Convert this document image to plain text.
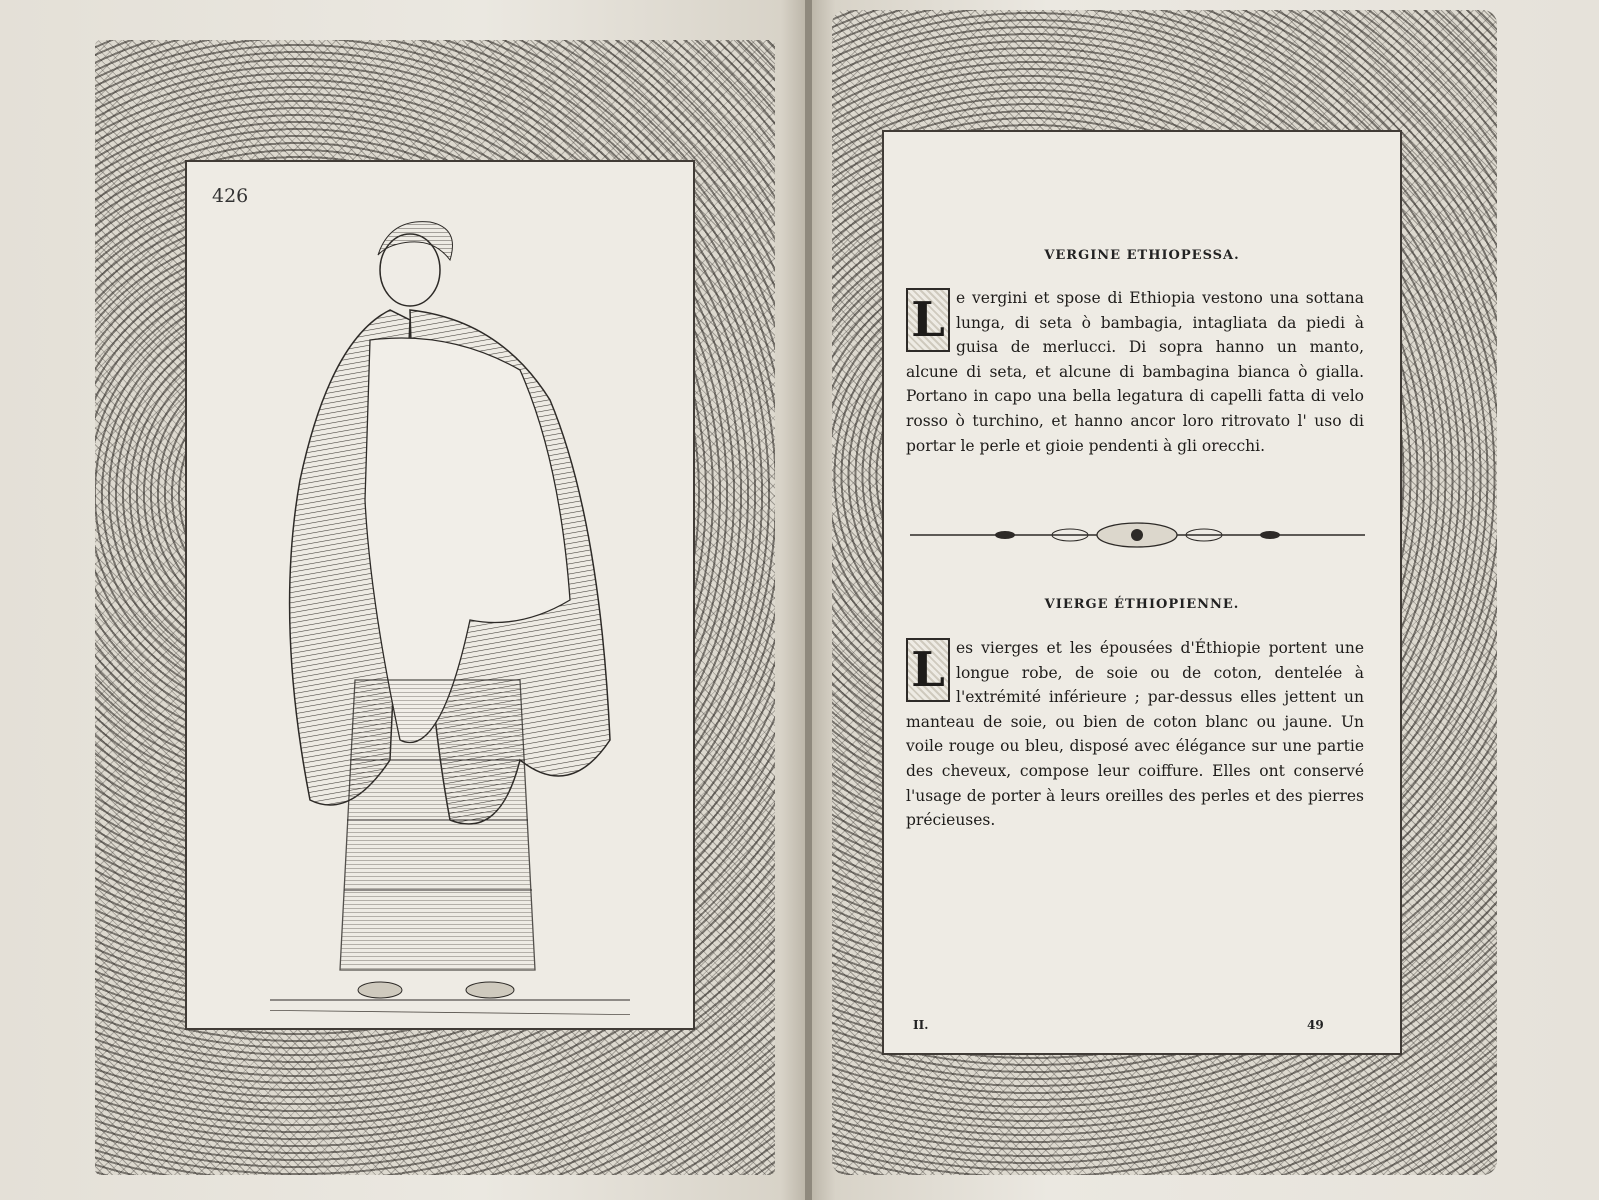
426
VERGINE ETHIOPESSA.
L e vergini et spose di Ethiopia vestono una sottana lunga, di seta ò bambagia, intagliata da piedi à guisa de merlucci. Di sopra hanno un manto, alcune di seta, et alcune di bambagina bianca ò gialla. Portano in capo una bella legatura di capelli fatta di velo rosso ò turchino, et hanno ancor loro ritrovato l' uso di portar le perle et gioie pendenti à gli orecchi.
VIERGE ÉTHIOPIENNE.
L es vierges et les épousées d'Éthiopie portent une longue robe, de soie ou de coton, dentelée à l'extrémité inférieure ; par-dessus elles jettent un manteau de soie, ou bien de coton blanc ou jaune. Un voile rouge ou bleu, disposé avec élégance sur une partie des cheveux, compose leur coiffure. Elles ont conservé l'usage de porter à leurs oreilles des perles et des pierres précieuses.
II.	49
